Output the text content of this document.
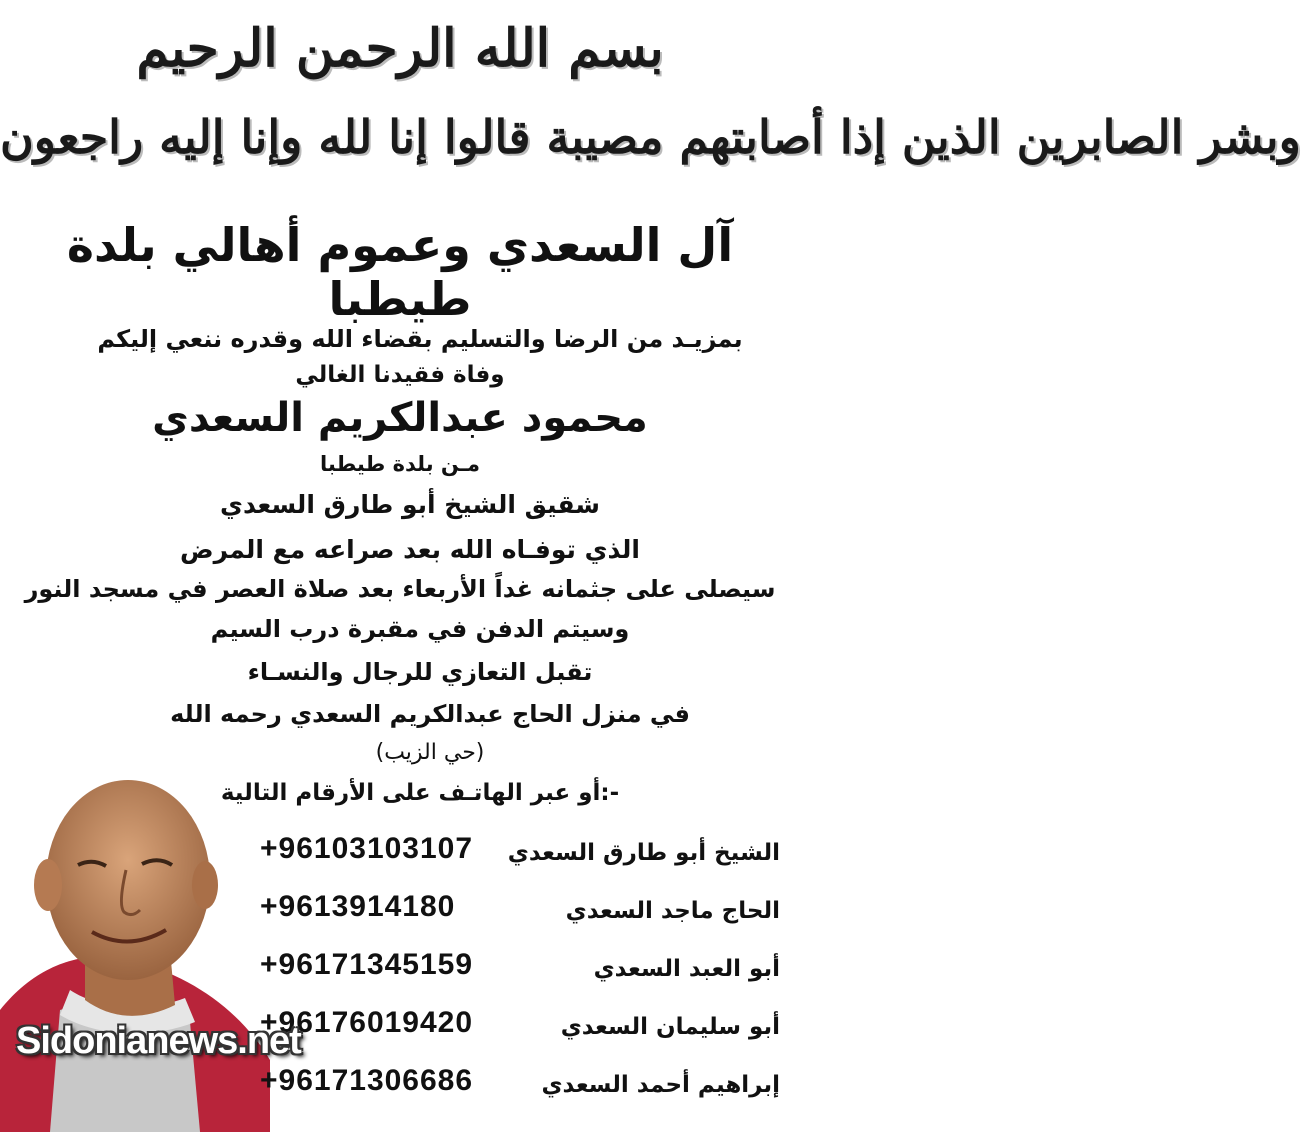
بسم الله الرحمن الرحيم
وبشر الصابرين الذين إذا أصابتهم مصيبة قالوا إنا لله وإنا إليه راجعون
آل السعدي وعموم أهالي بلدة طيطبا
بمزيـد من الرضا والتسليم بقضاء الله وقدره ننعي إليكم
وفاة فقيدنا الغالي
محمود عبدالكريم السعدي
مـن بلدة طيطبا
شقيق الشيخ أبو طارق السعدي
الذي توفـاه الله بعد صراعه مع المرض
سيصلى على جثمانه غداً الأربعاء بعد صلاة العصر في مسجد النور
وسيتم الدفن في مقبرة درب السيم
تقبل التعازي للرجال والنسـاء
في منزل الحاج عبدالكريم السعدي رحمه الله
(حي الزيب)
-:أو عبر الهاتـف على الأرقام التالية
+96103103107 الشيخ أبو طارق السعدي
+9613914180	الحاج ماجد السعدي
+96171345159	أبو العبد السعدي
+96176019420	أبو سليمان السعدي
+96171306686	إبراهيم أحمد السعدي
Sidonianews.net
